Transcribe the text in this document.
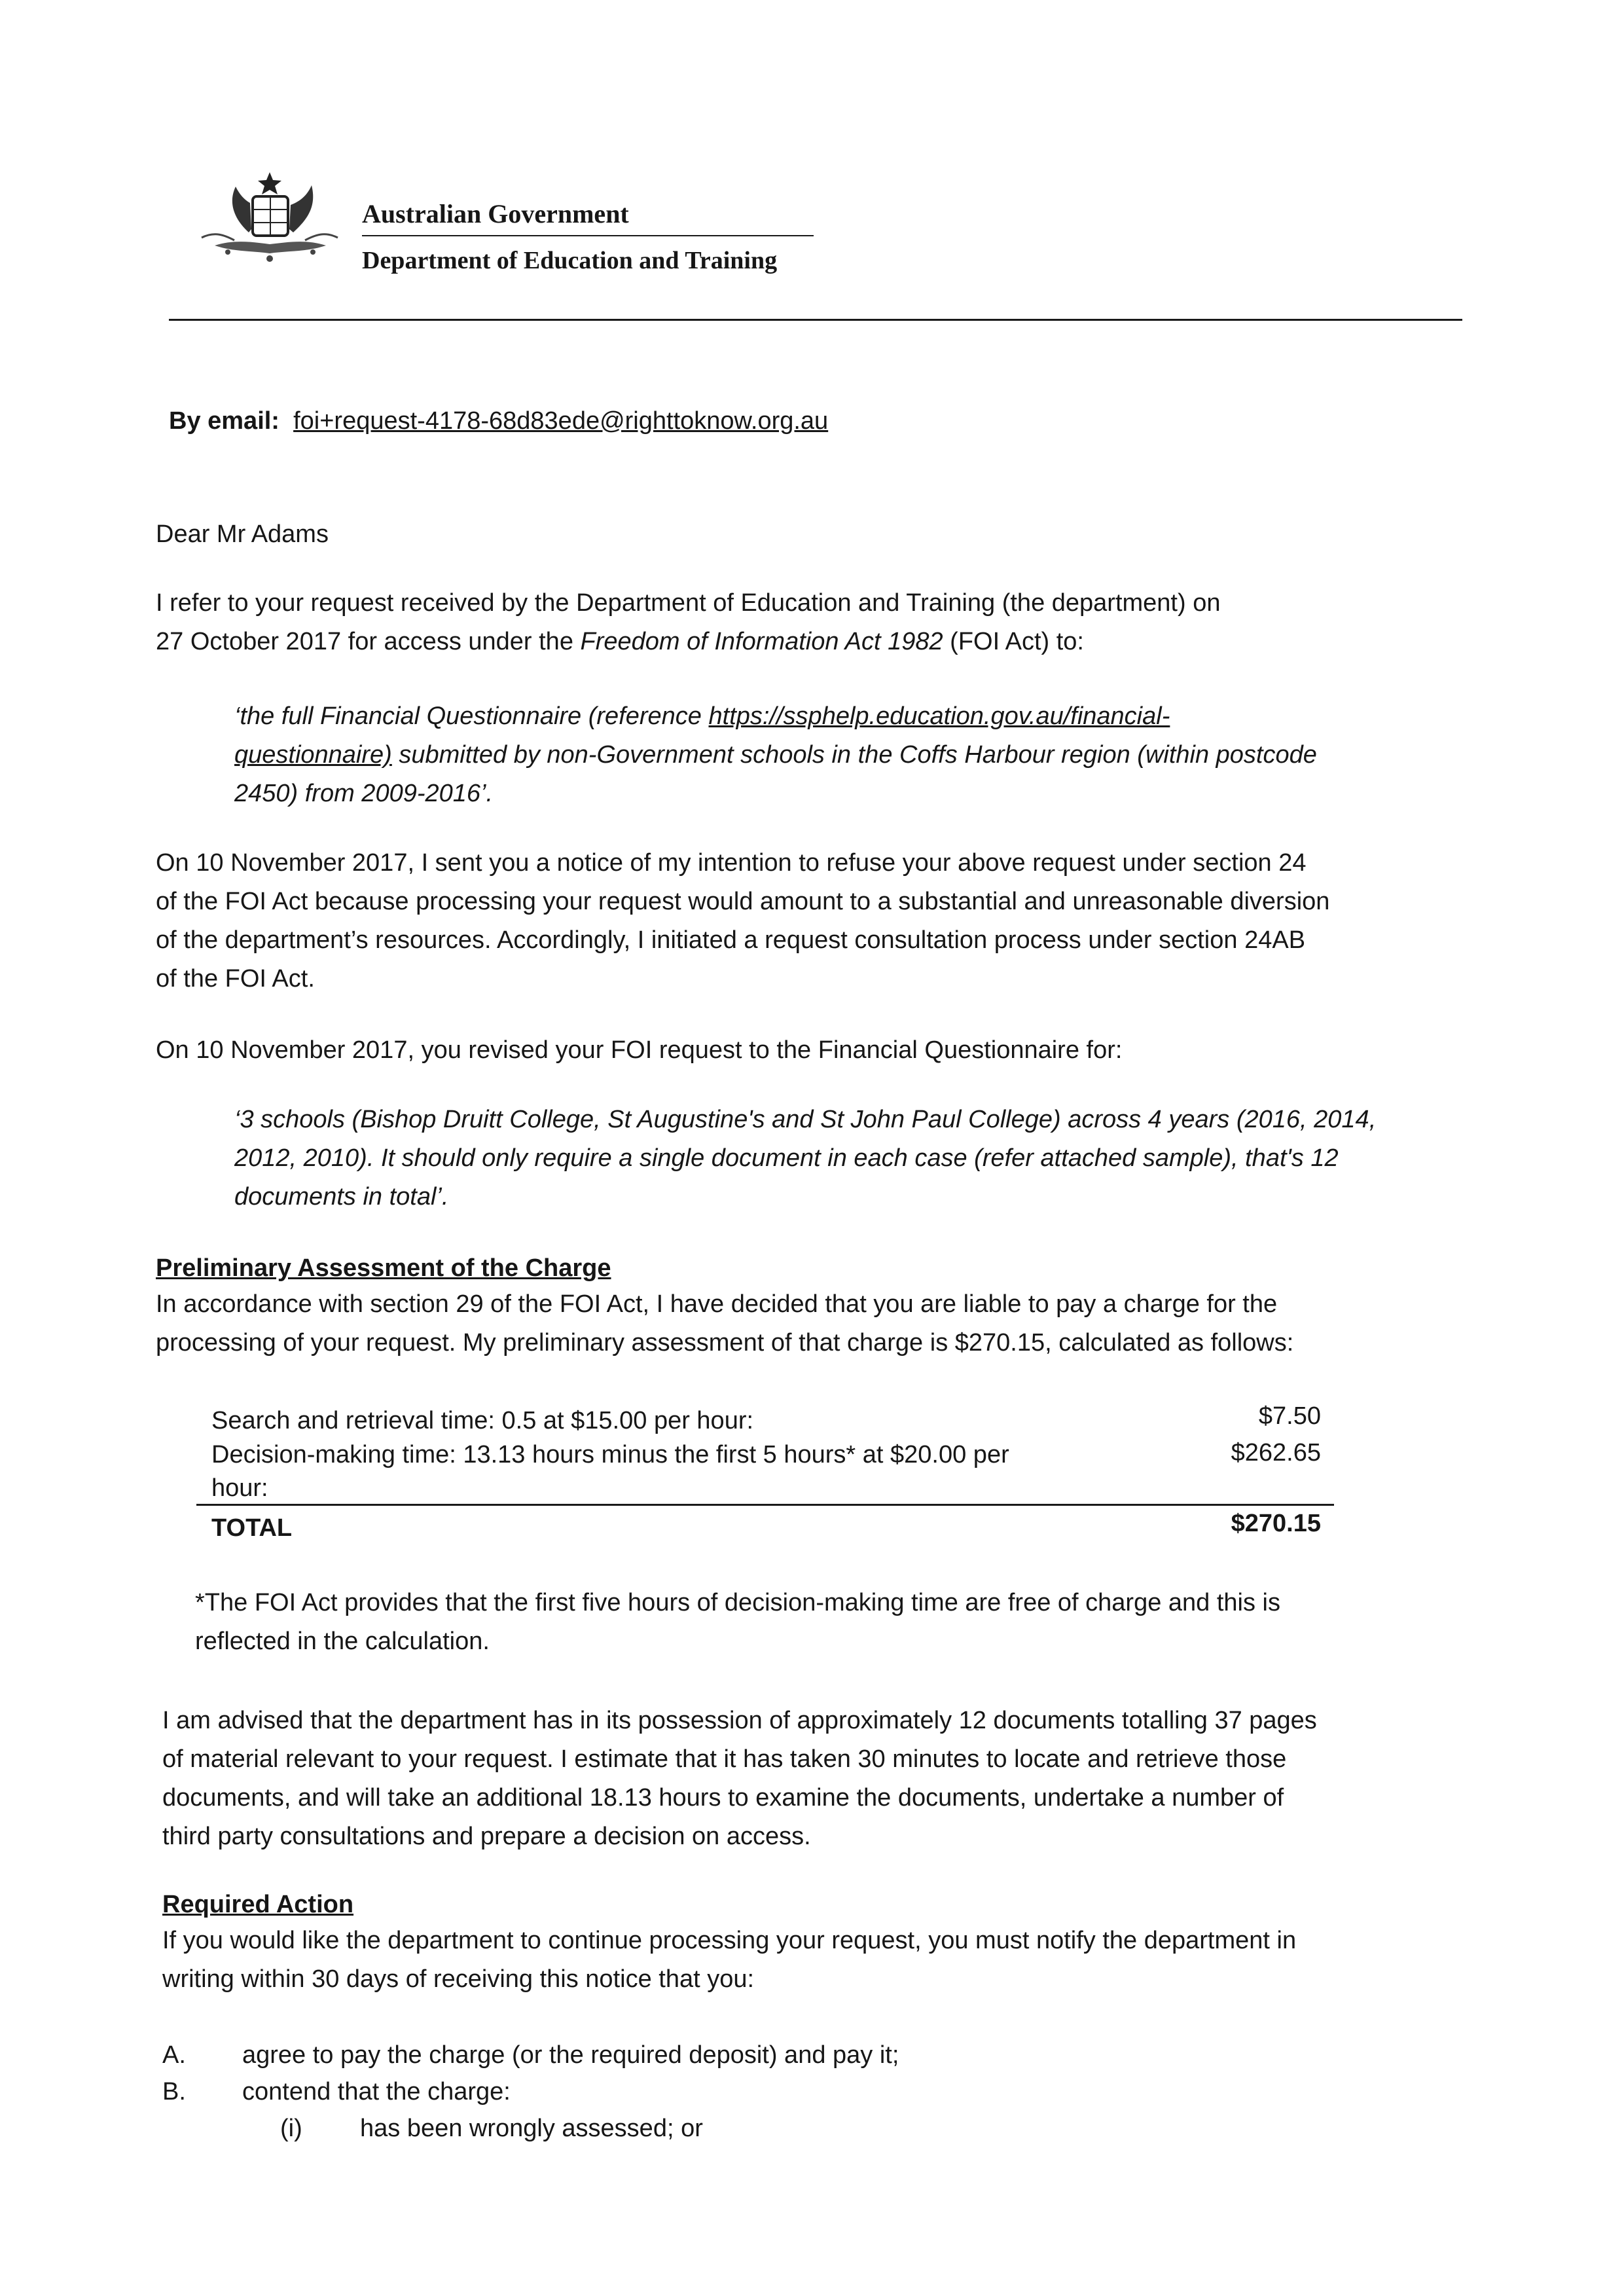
Australian Government
Department of Education and Training
By email: foi+request-4178-68d83ede@righttoknow.org.au
Dear Mr Adams
I refer to your request received by the Department of Education and Training (the department) on
27 October 2017 for access under the Freedom of Information Act 1982 (FOI Act) to:
‘the full Financial Questionnaire (reference https://ssphelp.education.gov.au/financial-
questionnaire) submitted by non-Government schools in the Coffs Harbour region (within postcode
2450) from 2009-2016’.
On 10 November 2017, I sent you a notice of my intention to refuse your above request under section 24
of the FOI Act because processing your request would amount to a substantial and unreasonable diversion
of the department’s resources. Accordingly, I initiated a request consultation process under section 24AB
of the FOI Act.
On 10 November 2017, you revised your FOI request to the Financial Questionnaire for:
‘3 schools (Bishop Druitt College, St Augustine's and St John Paul College) across 4 years (2016, 2014,
2012, 2010). It should only require a single document in each case (refer attached sample), that's 12
documents in total’.
Preliminary Assessment of the Charge
In accordance with section 29 of the FOI Act, I have decided that you are liable to pay a charge for the
processing of your request. My preliminary assessment of that charge is $270.15, calculated as follows:
Search and retrieval time: 0.5 at $15.00 per hour:	$7.50
Decision-making time: 13.13 hours minus the first 5 hours* at $20.00 per
hour:
$262.65
TOTAL	$270.15
*The FOI Act provides that the first five hours of decision-making time are free of charge and this is
reflected in the calculation.
I am advised that the department has in its possession of approximately 12 documents totalling 37 pages
of material relevant to your request. I estimate that it has taken 30 minutes to locate and retrieve those
documents, and will take an additional 18.13 hours to examine the documents, undertake a number of
third party consultations and prepare a decision on access.
Required Action
If you would like the department to continue processing your request, you must notify the department in
writing within 30 days of receiving this notice that you:
A. agree to pay the charge (or the required deposit) and pay it;
B. contend that the charge:
(i) has been wrongly assessed; or
